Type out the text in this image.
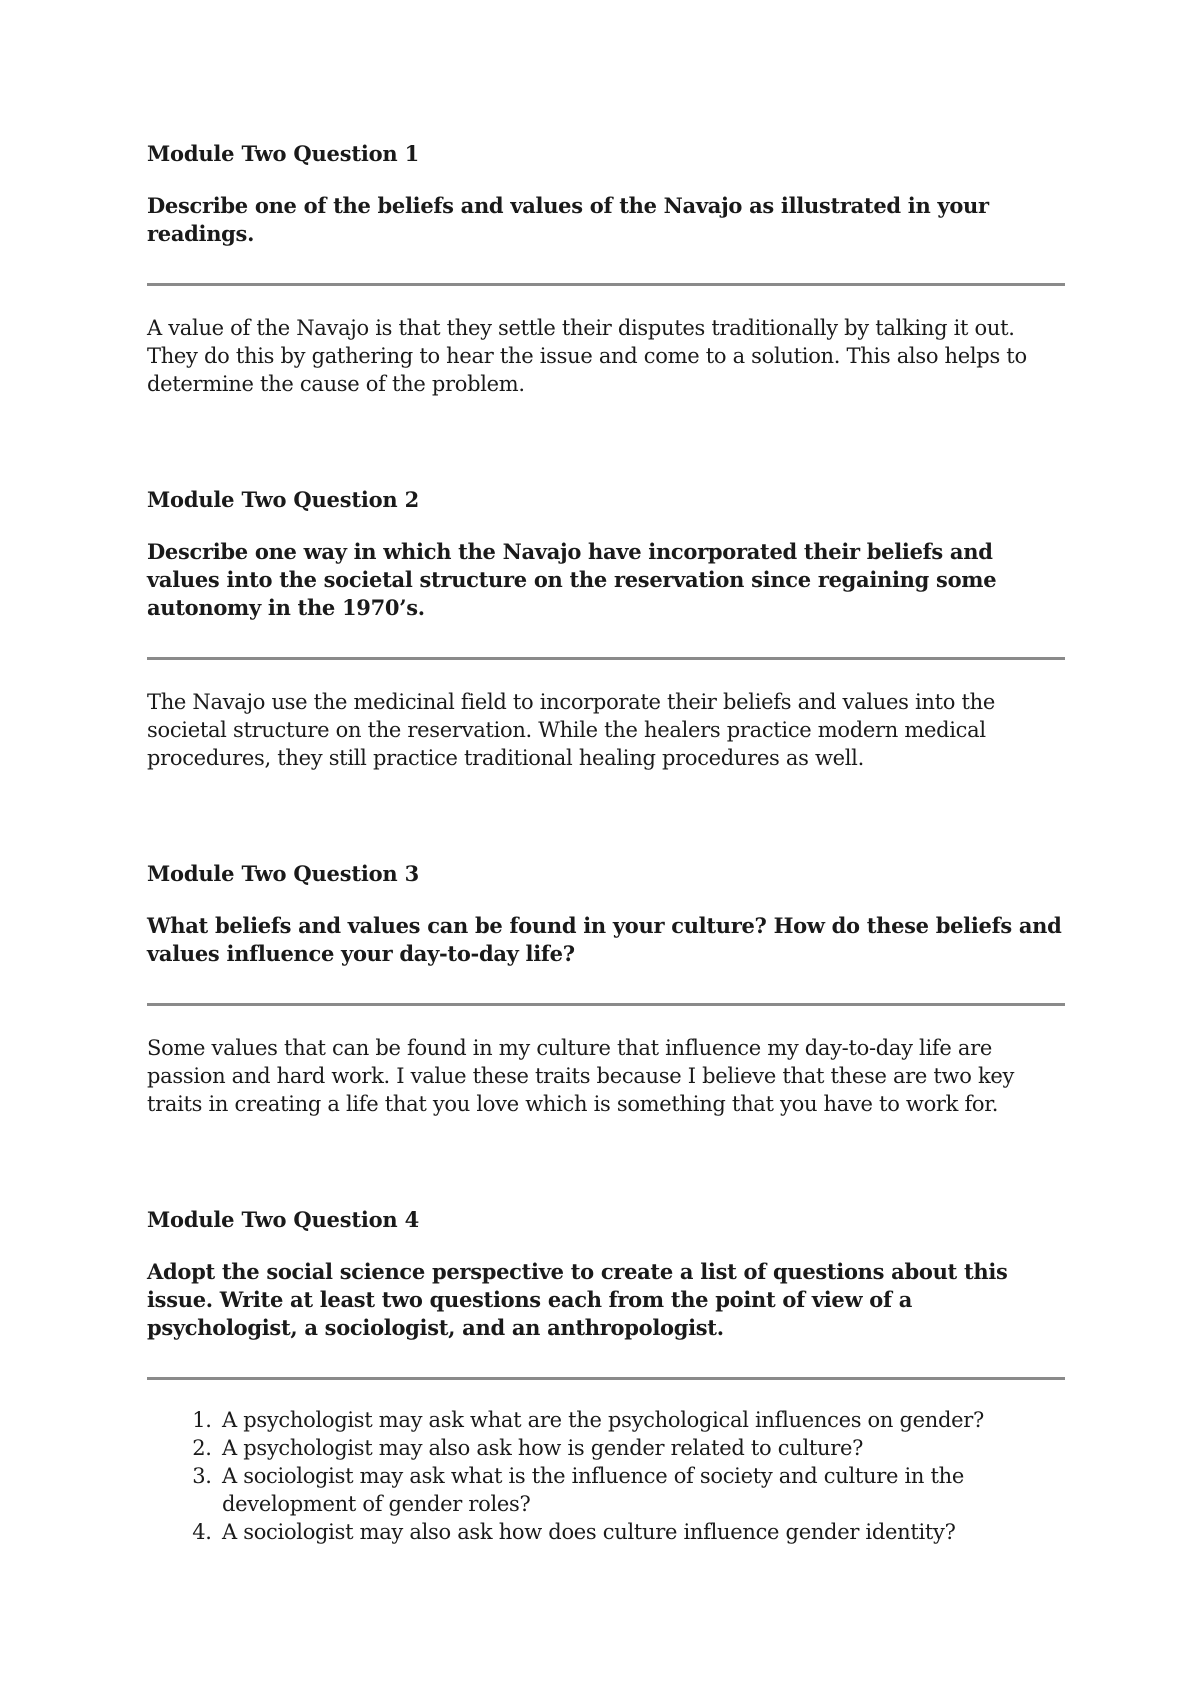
Module Two Question 1

Describe one of the beliefs and values of the Navajo as illustrated in your readings.

A value of the Navajo is that they settle their disputes traditionally by talking it out. They do this by gathering to hear the issue and come to a solution. This also helps to determine the cause of the problem.

Module Two Question 2

Describe one way in which the Navajo have incorporated their beliefs and values into the societal structure on the reservation since regaining some autonomy in the 1970’s.

The Navajo use the medicinal field to incorporate their beliefs and values into the societal structure on the reservation. While the healers practice modern medical procedures, they still practice traditional healing procedures as well.

Module Two Question 3

What beliefs and values can be found in your culture? How do these beliefs and values influence your day-to-day life?

Some values that can be found in my culture that influence my day-to-day life are passion and hard work. I value these traits because I believe that these are two key traits in creating a life that you love which is something that you have to work for.

Module Two Question 4

Adopt the social science perspective to create a list of questions about this issue. Write at least two questions each from the point of view of a psychologist, a sociologist, and an anthropologist.

1. A psychologist may ask what are the psychological influences on gender?
2. A psychologist may also ask how is gender related to culture?
3. A sociologist may ask what is the influence of society and culture in the development of gender roles?
4. A sociologist may also ask how does culture influence gender identity?
